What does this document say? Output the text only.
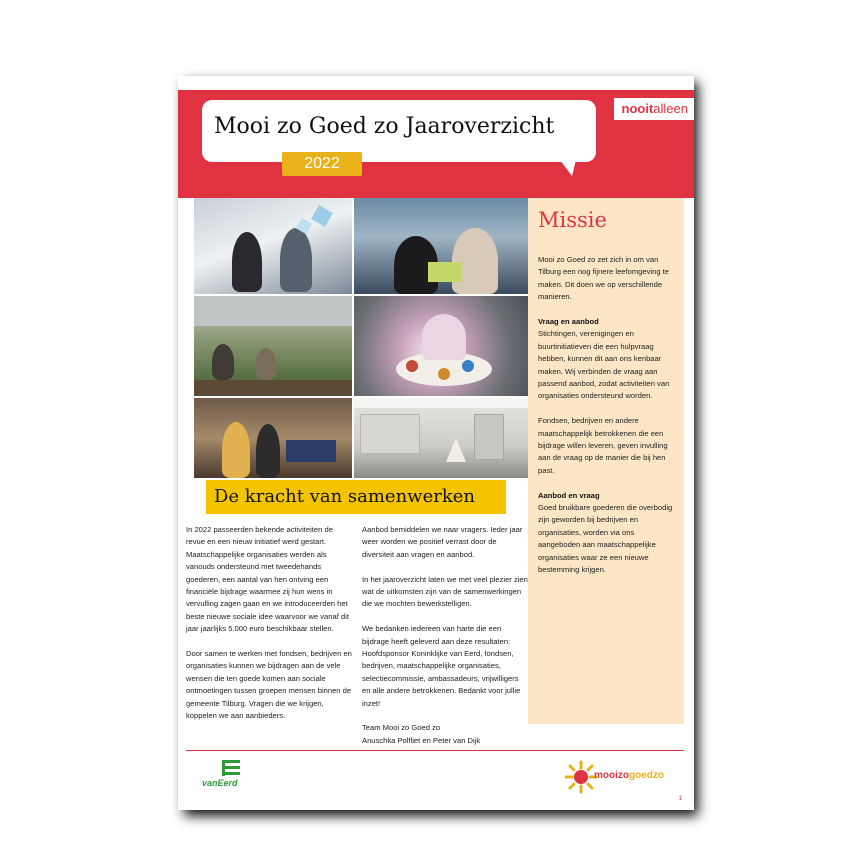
Mooi zo Goed zo Jaaroverzicht
2022
nooitalleen
De kracht van samenwerken

In 2022 passeerden bekende activiteiten de revue en een nieuw initiatief werd gestart. Maatschappelijke organisaties werden als vanouds ondersteund met tweedehands goederen, een aantal van hen ontving een financiële bijdrage waarmee zij hun wens in vervulling zagen gaan en we introduceerden het beste nieuwe sociale idee waarvoor we vanaf dit jaar jaarlijks 5.000 euro beschikbaar stellen.

Door samen te werken met fondsen, bedrijven en organisaties kunnen we bijdragen aan de vele wensen die ten goede komen aan sociale ontmoetingen tussen groepen mensen binnen de gemeente Tilburg. Vragen die we krijgen, koppelen we aan aanbieders.

Aanbod bemiddelen we naar vragers. Ieder jaar weer worden we positief verrast door de diversiteit aan vragen en aanbod.

In het jaaroverzicht laten we met veel plezier zien wat de uitkomsten zijn van de samenwerkingen die we mochten bewerkstelligen.

We bedanken iedereen van harte die een bijdrage heeft geleverd aan deze resultaten: Hoofdsponsor Koninklijke van Eerd, fondsen, bedrijven, maatschappelijke organisaties, selectiecommissie, ambassadeurs, vrijwilligers en alle andere betrokkenen. Bedankt voor jullie inzet!

Team Mooi zo Goed zo

Anuschka Polfliet en Peter van Dijk

Missie

Mooi zo Goed zo zet zich in om van Tilburg een nog fijnere leefomgeving te maken. Dit doen we op verschillende manieren.

Vraag en aanbod

Stichtingen, verenigingen en buurtinitiatieven die een hulpvraag hebben, kunnen dit aan ons kenbaar maken. Wij verbinden de vraag aan passend aanbod, zodat activiteiten van organisaties ondersteund worden.

Fondsen, bedrijven en andere maatschappelijk betrokkenen die een bijdrage willen leveren, geven invulling aan de vraag op de manier die bij hen past.

Aanbod en vraag

Goed bruikbare goederen die overbodig zijn geworden bij bedrijven en organisaties, worden via ons aangeboden aan maatschappelijke organisaties waar ze een nieuwe bestemming krijgen.

vanEerd
mooizogoedzo
1
